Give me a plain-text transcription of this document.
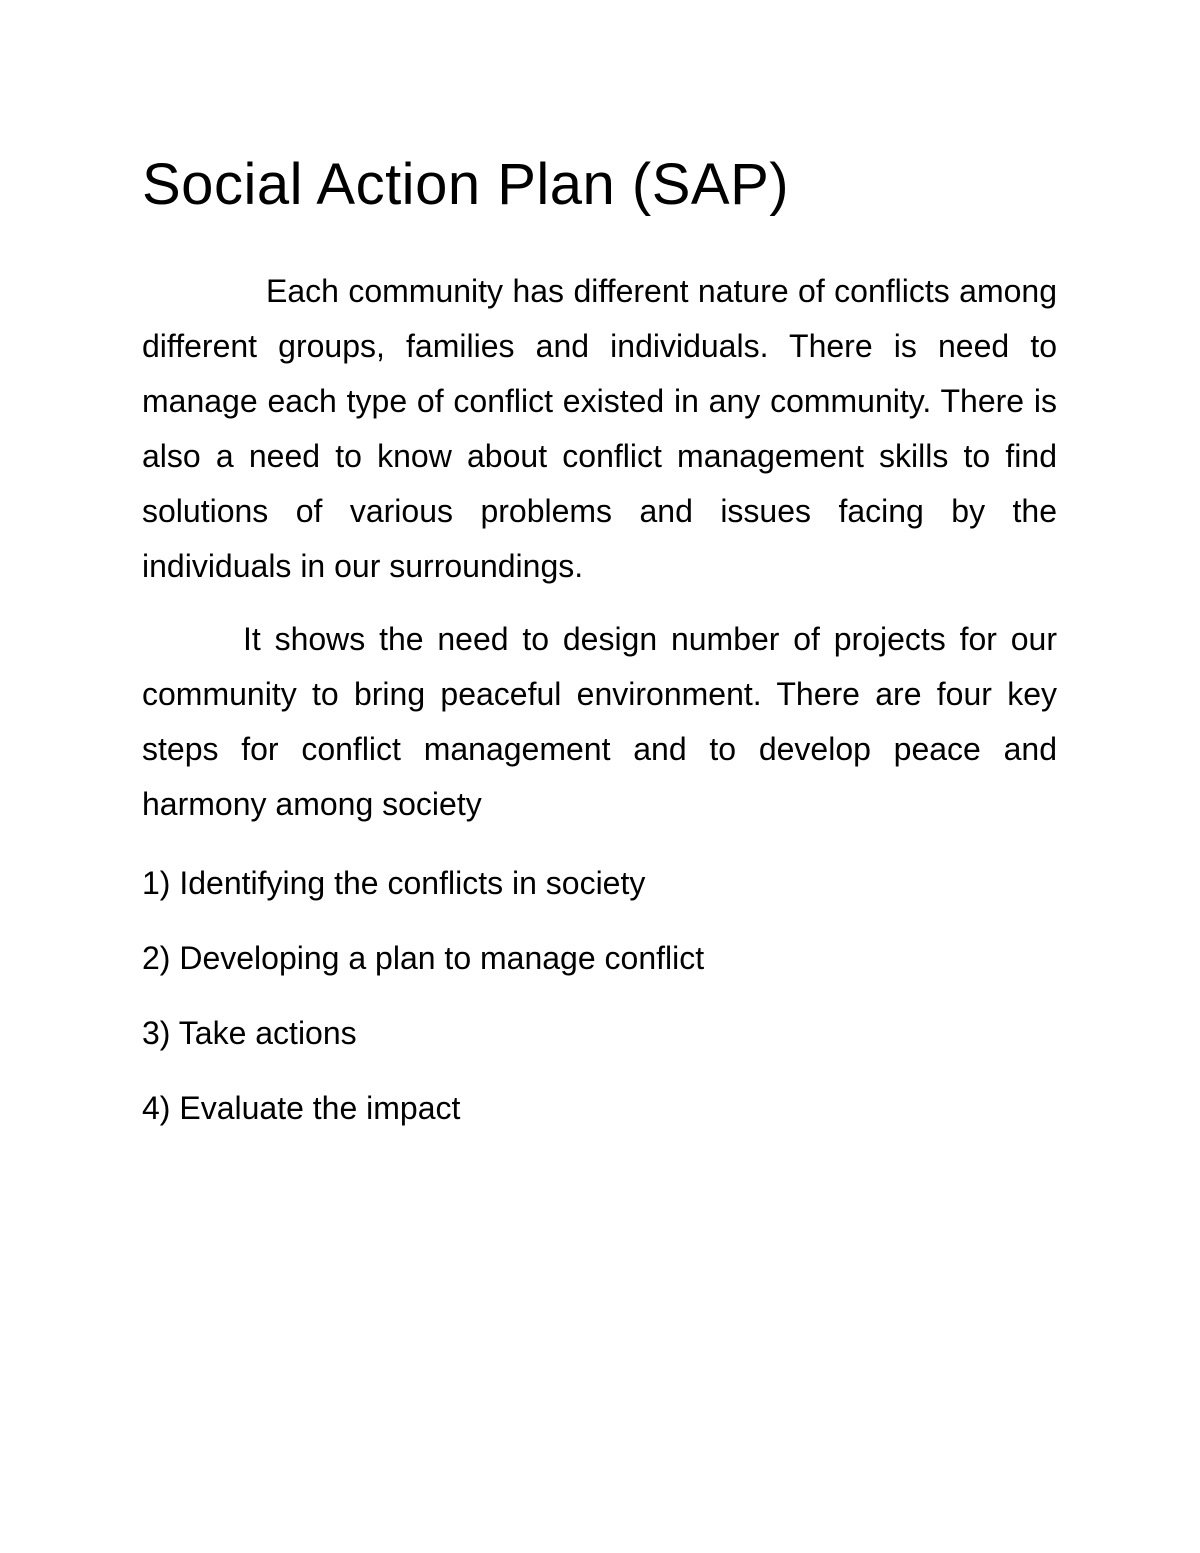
Social Action Plan (SAP)

Each community has different nature of conflicts among different groups, families and individuals. There is need to manage each type of conflict existed in any community. There is also a need to know about conflict management skills to find solutions of various problems and issues facing by the individuals in our surroundings.

It shows the need to design number of projects for our community to bring peaceful environment. There are four key steps for conflict management and to develop peace and harmony among society

1) Identifying the conflicts in society
2) Developing a plan to manage conflict
3) Take actions
4) Evaluate the impact
